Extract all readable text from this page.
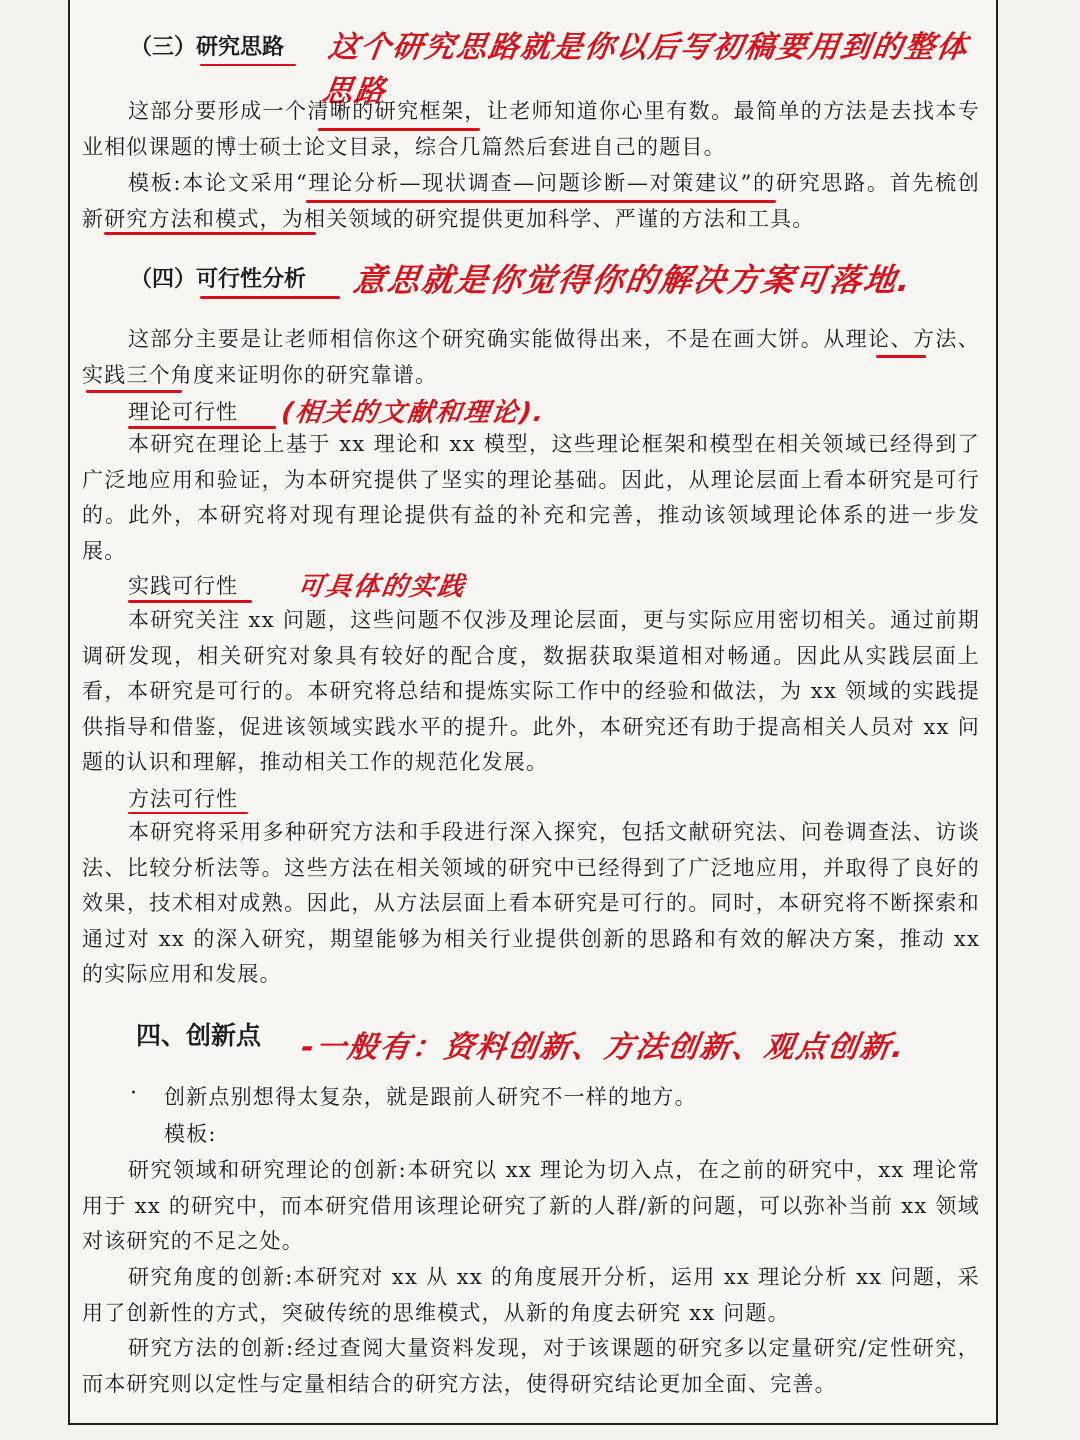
（三）研究思路 这个研究思路就是你以后写初稿要用到的整体思路

这部分要形成一个清晰的研究框架，让老师知道你心里有数。最简单的方法是去找本专业相似课题的博士硕士论文目录，综合几篇然后套进自己的题目。

模板:本论文采用“理论分析—现状调查—问题诊断—对策建议”的研究思路。首先梳创新研究方法和模式，为相关领域的研究提供更加科学、严谨的方法和工具。

（四）可行性分析 意思就是你觉得你的解决方案可落地.

这部分主要是让老师相信你这个研究确实能做得出来，不是在画大饼。从理论、方法、实践三个角度来证明你的研究靠谱。

理论可行性 (相关的文献和理论).

本研究在理论上基于 xx 理论和 xx 模型，这些理论框架和模型在相关领域已经得到了广泛地应用和验证，为本研究提供了坚实的理论基础。因此，从理论层面上看本研究是可行的。此外，本研究将对现有理论提供有益的补充和完善，推动该领域理论体系的进一步发展。

实践可行性 可具体的实践

本研究关注 xx 问题，这些问题不仅涉及理论层面，更与实际应用密切相关。通过前期调研发现，相关研究对象具有较好的配合度，数据获取渠道相对畅通。因此从实践层面上看，本研究是可行的。本研究将总结和提炼实际工作中的经验和做法，为 xx 领域的实践提供指导和借鉴，促进该领域实践水平的提升。此外，本研究还有助于提高相关人员对 xx 问题的认识和理解，推动相关工作的规范化发展。

方法可行性

本研究将采用多种研究方法和手段进行深入探究，包括文献研究法、问卷调查法、访谈法、比较分析法等。这些方法在相关领域的研究中已经得到了广泛地应用，并取得了良好的效果，技术相对成熟。因此，从方法层面上看本研究是可行的。同时，本研究将不断探索和通过对 xx 的深入研究，期望能够为相关行业提供创新的思路和有效的解决方案，推动 xx 的实际应用和发展。

四、创新点 -一般有：资料创新、方法创新、观点创新.
· 创新点别想得太复杂，就是跟前人研究不一样的地方。
模板:

研究领域和研究理论的创新:本研究以 xx 理论为切入点，在之前的研究中，xx 理论常用于 xx 的研究中，而本研究借用该理论研究了新的人群/新的问题，可以弥补当前 xx 领域对该研究的不足之处。

研究角度的创新:本研究对 xx 从 xx 的角度展开分析，运用 xx 理论分析 xx 问题，采用了创新性的方式，突破传统的思维模式，从新的角度去研究 xx 问题。

研究方法的创新:经过查阅大量资料发现，对于该课题的研究多以定量研究/定性研究，而本研究则以定性与定量相结合的研究方法，使得研究结论更加全面、完善。
